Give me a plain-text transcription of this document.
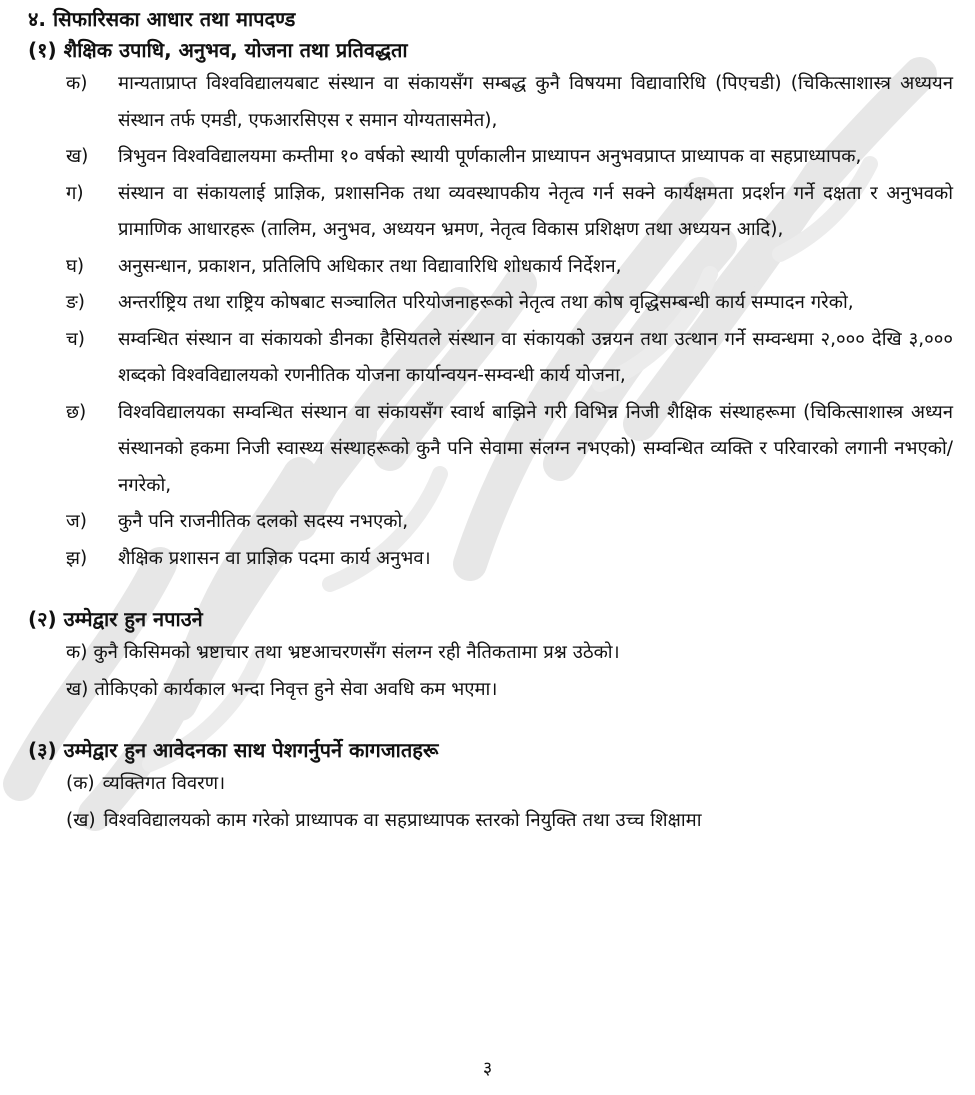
४. सिफारिसका आधार तथा मापदण्ड
(१) शैक्षिक उपाधि, अनुभव, योजना तथा प्रतिवद्धता
क)	मान्यताप्राप्त विश्वविद्यालयबाट संस्थान वा संकायसँग सम्बद्ध कुनै विषयमा विद्यावारिधि (पिएचडी) (चिकित्साशास्त्र अध्ययन संस्थान तर्फ एमडी, एफआरसिएस र समान योग्यतासमेत),
ख)	त्रिभुवन विश्वविद्यालयमा कम्तीमा १० वर्षको स्थायी पूर्णकालीन प्राध्यापन अनुभवप्राप्त प्राध्यापक वा सहप्राध्यापक,
ग)	संस्थान वा संकायलाई प्राज्ञिक, प्रशासनिक तथा व्यवस्थापकीय नेतृत्व गर्न सक्ने कार्यक्षमता प्रदर्शन गर्ने दक्षता र अनुभवको प्रामाणिक आधारहरू (तालिम, अनुभव, अध्ययन भ्रमण, नेतृत्व विकास प्रशिक्षण तथा अध्ययन आदि),
घ)	अनुसन्धान, प्रकाशन, प्रतिलिपि अधिकार तथा विद्यावारिधि शोधकार्य निर्देशन,
ङ)	अन्तर्राष्ट्रिय तथा राष्ट्रिय कोषबाट सञ्चालित परियोजनाहरूको नेतृत्व तथा कोष वृद्धिसम्बन्धी कार्य सम्पादन गरेको,
च)	सम्वन्धित संस्थान वा संकायको डीनका हैसियतले संस्थान वा संकायको उन्नयन तथा उत्थान गर्ने सम्वन्धमा २,००० देखि ३,००० शब्दको विश्वविद्यालयको रणनीतिक योजना कार्यान्वयन-सम्वन्धी कार्य योजना,
छ)	विश्वविद्यालयका सम्वन्धित संस्थान वा संकायसँग स्वार्थ बाझिने गरी विभिन्न निजी शैक्षिक संस्थाहरूमा (चिकित्साशास्त्र अध्यन संस्थानको हकमा निजी स्वास्थ्य संस्थाहरूको कुनै पनि सेवामा संलग्न नभएको) सम्वन्धित व्यक्ति र परिवारको लगानी नभएको/नगरेको,
ज)	कुनै पनि राजनीतिक दलको सदस्य नभएको,
झ)	शैक्षिक प्रशासन वा प्राज्ञिक पदमा कार्य अनुभव।
(२) उम्मेद्वार हुन नपाउने
क) कुनै किसिमको भ्रष्टाचार तथा भ्रष्टआचरणसँग संलग्न रही नैतिकतामा प्रश्न उठेको।
ख) तोकिएको कार्यकाल भन्दा निवृत्त हुने सेवा अवधि कम भएमा।
(३) उम्मेद्वार हुन आवेदनका साथ पेशगर्नुपर्ने कागजातहरू
(क) व्यक्तिगत विवरण।
(ख) विश्वविद्यालयको काम गरेको प्राध्यापक वा सहप्राध्यापक स्तरको नियुक्ति तथा उच्च शिक्षामा
३
